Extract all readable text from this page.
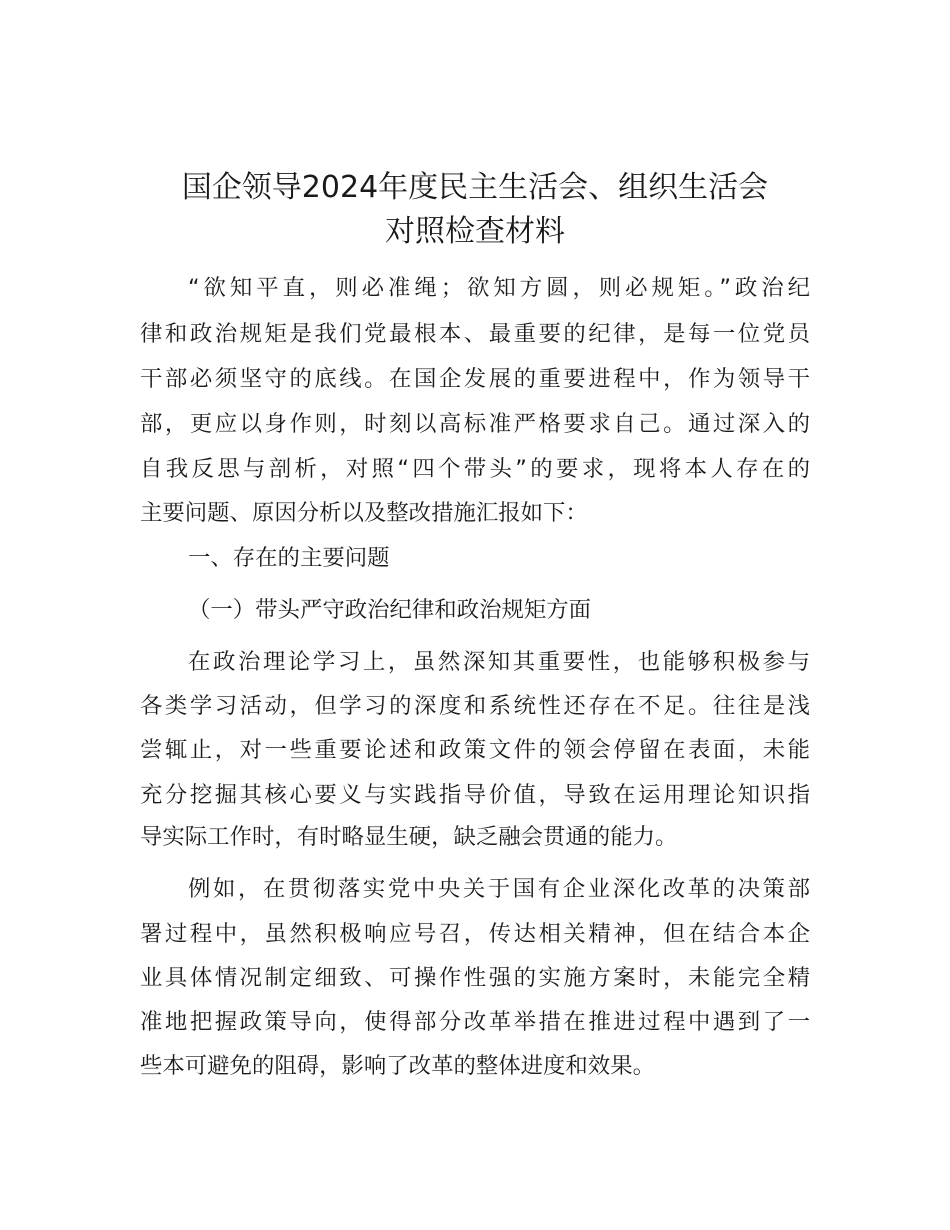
国企领导2024年度民主生活会、组织生活会
对照检查材料

“欲知平直，则必准绳；欲知方圆，则必规矩。”政治纪

律和政治规矩是我们党最根本、最重要的纪律，是每一位党员

干部必须坚守的底线。在国企发展的重要进程中，作为领导干

部，更应以身作则，时刻以高标准严格要求自己。通过深入的

自我反思与剖析，对照“四个带头”的要求，现将本人存在的

主要问题、原因分析以及整改措施汇报如下：

一、存在的主要问题

（一）带头严守政治纪律和政治规矩方面

在政治理论学习上，虽然深知其重要性，也能够积极参与

各类学习活动，但学习的深度和系统性还存在不足。往往是浅

尝辄止，对一些重要论述和政策文件的领会停留在表面，未能

充分挖掘其核心要义与实践指导价值，导致在运用理论知识指

导实际工作时，有时略显生硬，缺乏融会贯通的能力。

例如，在贯彻落实党中央关于国有企业深化改革的决策部

署过程中，虽然积极响应号召，传达相关精神，但在结合本企

业具体情况制定细致、可操作性强的实施方案时，未能完全精

准地把握政策导向，使得部分改革举措在推进过程中遇到了一

些本可避免的阻碍，影响了改革的整体进度和效果。
